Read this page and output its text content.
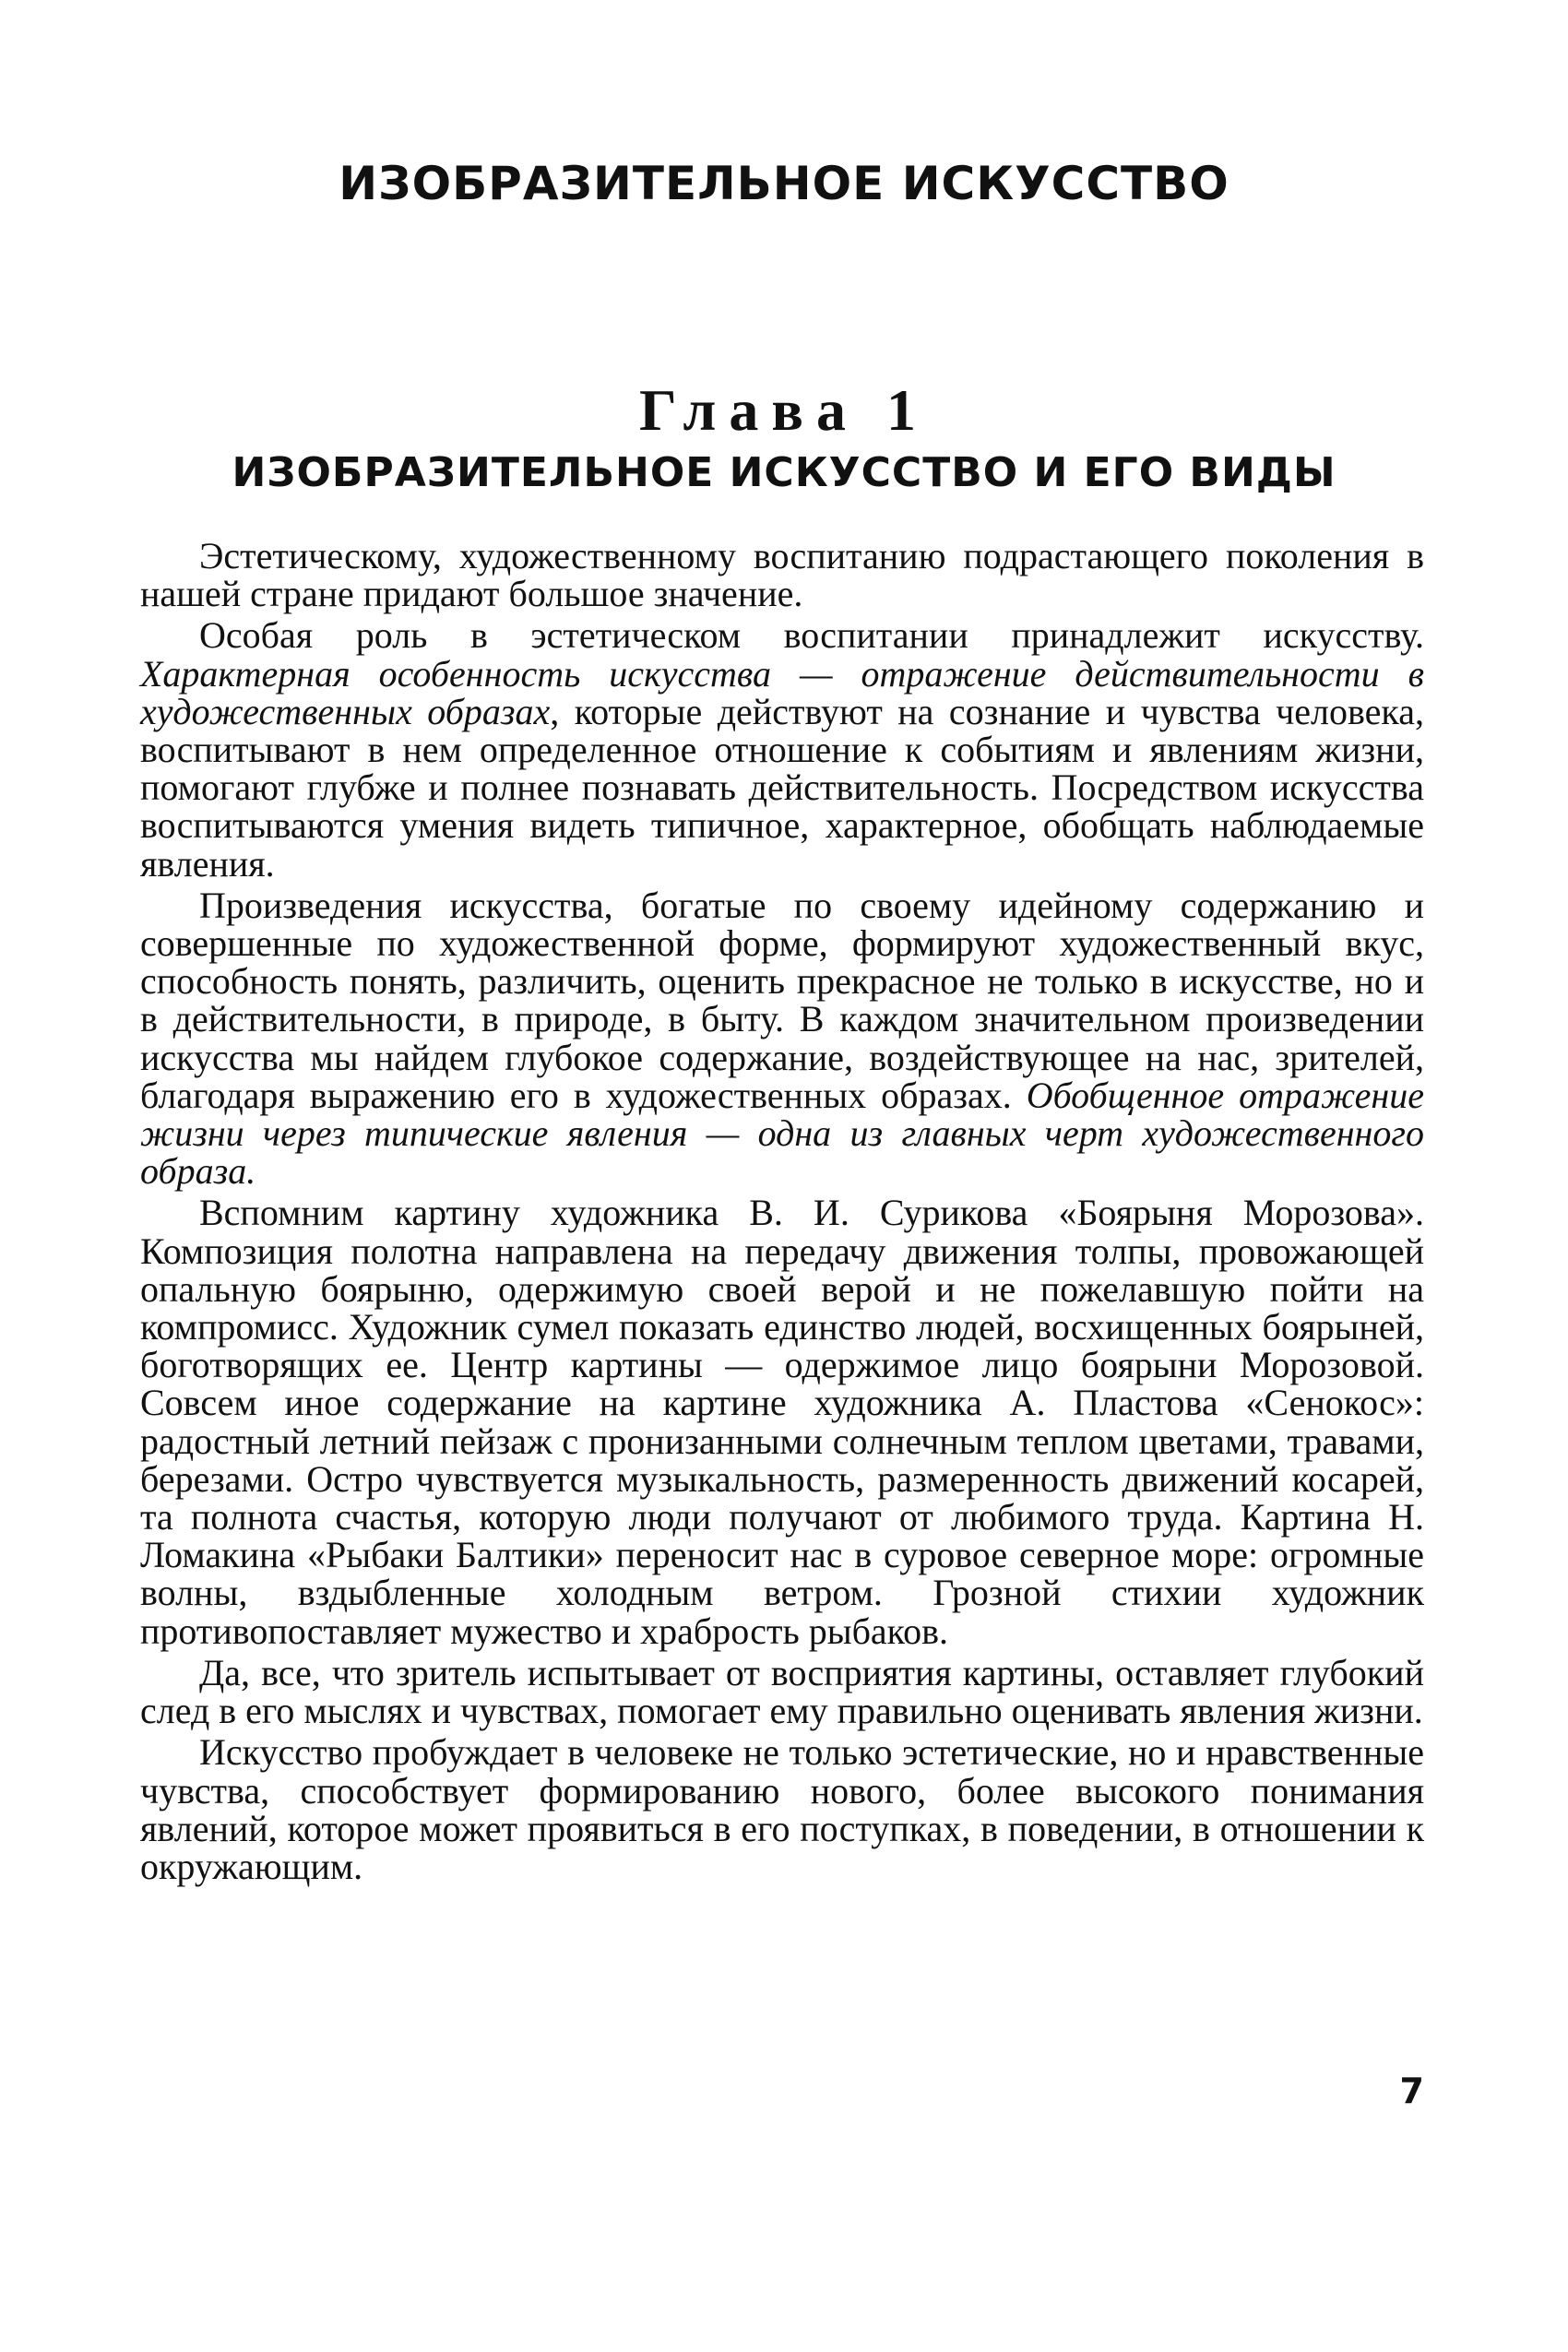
ИЗОБРАЗИТЕЛЬНОЕ ИСКУССТВО
Глава 1
ИЗОБРАЗИТЕЛЬНОЕ ИСКУССТВО И ЕГО ВИДЫ

Эстетическому, художественному воспитанию подрастающего поколения в нашей стране придают большое значение.

Особая роль в эстетическом воспитании принадлежит искусству. Характерная особенность искусства — отражение действительности в художественных образах, которые действуют на сознание и чувства человека, воспитывают в нем определенное отношение к событиям и явлениям жизни, помогают глубже и полнее познавать действительность. Посредством искусства воспитываются умения видеть типичное, характерное, обобщать наблюдаемые явления.

Произведения искусства, богатые по своему идейному содержанию и совершенные по художественной форме, формируют художественный вкус, способность понять, различить, оценить прекрасное не только в искусстве, но и в действительности, в природе, в быту. В каждом значительном произведении искусства мы найдем глубокое содержание, воздействующее на нас, зрителей, благодаря выражению его в художественных образах. Обобщенное отражение жизни через типические явления — одна из главных черт художественного образа.

Вспомним картину художника В. И. Сурикова «Боярыня Морозова». Композиция полотна направлена на передачу движения толпы, провожающей опальную боярыню, одержимую своей верой и не пожелавшую пойти на компромисс. Художник сумел показать единство людей, восхищенных боярыней, боготворящих ее. Центр картины — одержимое лицо боярыни Морозовой. Совсем иное содержание на картине художника А. Пластова «Сенокос»: радостный летний пейзаж с пронизанными солнечным теплом цветами, травами, березами. Остро чувствуется музыкальность, размеренность движений косарей, та полнота счастья, которую люди получают от любимого труда. Картина Н. Ломакина «Рыбаки Балтики» переносит нас в суровое северное море: огромные волны, вздыбленные холодным ветром. Грозной стихии художник противопоставляет мужество и храбрость рыбаков.

Да, все, что зритель испытывает от восприятия картины, оставляет глубокий след в его мыслях и чувствах, помогает ему правильно оценивать явления жизни.

Искусство пробуждает в человеке не только эстетические, но и нравственные чувства, способствует формированию нового, более высокого понимания явлений, которое может проявиться в его поступках, в поведении, в отношении к окружающим.

7
